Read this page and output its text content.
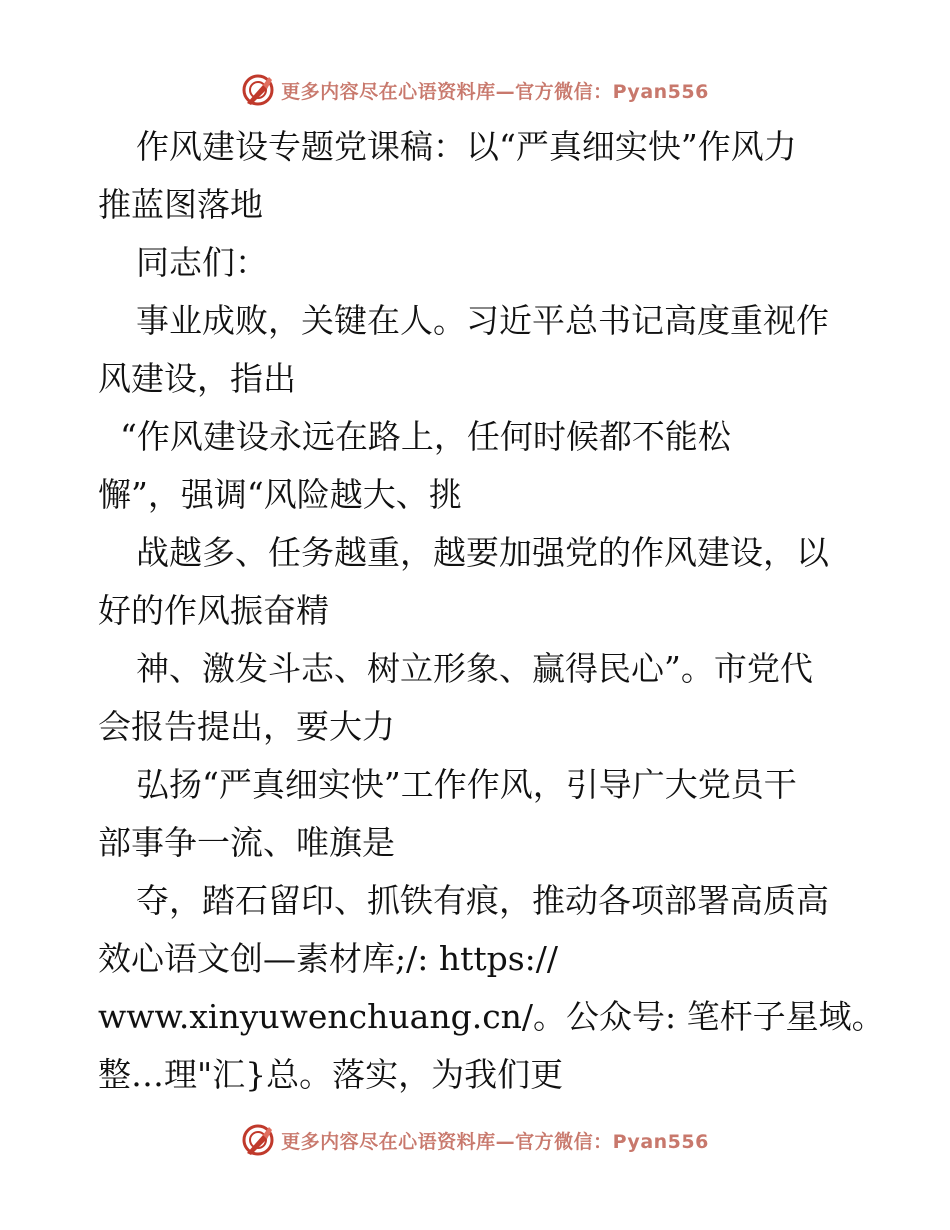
更多内容尽在心语资料库—官方微信：Pyan556
作风建设专题党课稿：以“严真细实快”作风力
推蓝图落地
同志们：
事业成败，关键在人。习近平总书记高度重视作
风建设，指出
“作风建设永远在路上，任何时候都不能松
懈”，强调“风险越大、挑
战越多、任务越重，越要加强党的作风建设，以
好的作风振奋精
神、激发斗志、树立形象、赢得民心”。市党代
会报告提出，要大力
弘扬“严真细实快”工作作风，引导广大党员干
部事争一流、唯旗是
夺，踏石留印、抓铁有痕，推动各项部署高质高
效心语文创—素材库;/: https://
www.xinyuwenchuang.cn/。公众号: 笔杆子星域。
整…理"汇}总。落实，为我们更
更多内容尽在心语资料库—官方微信：Pyan556
